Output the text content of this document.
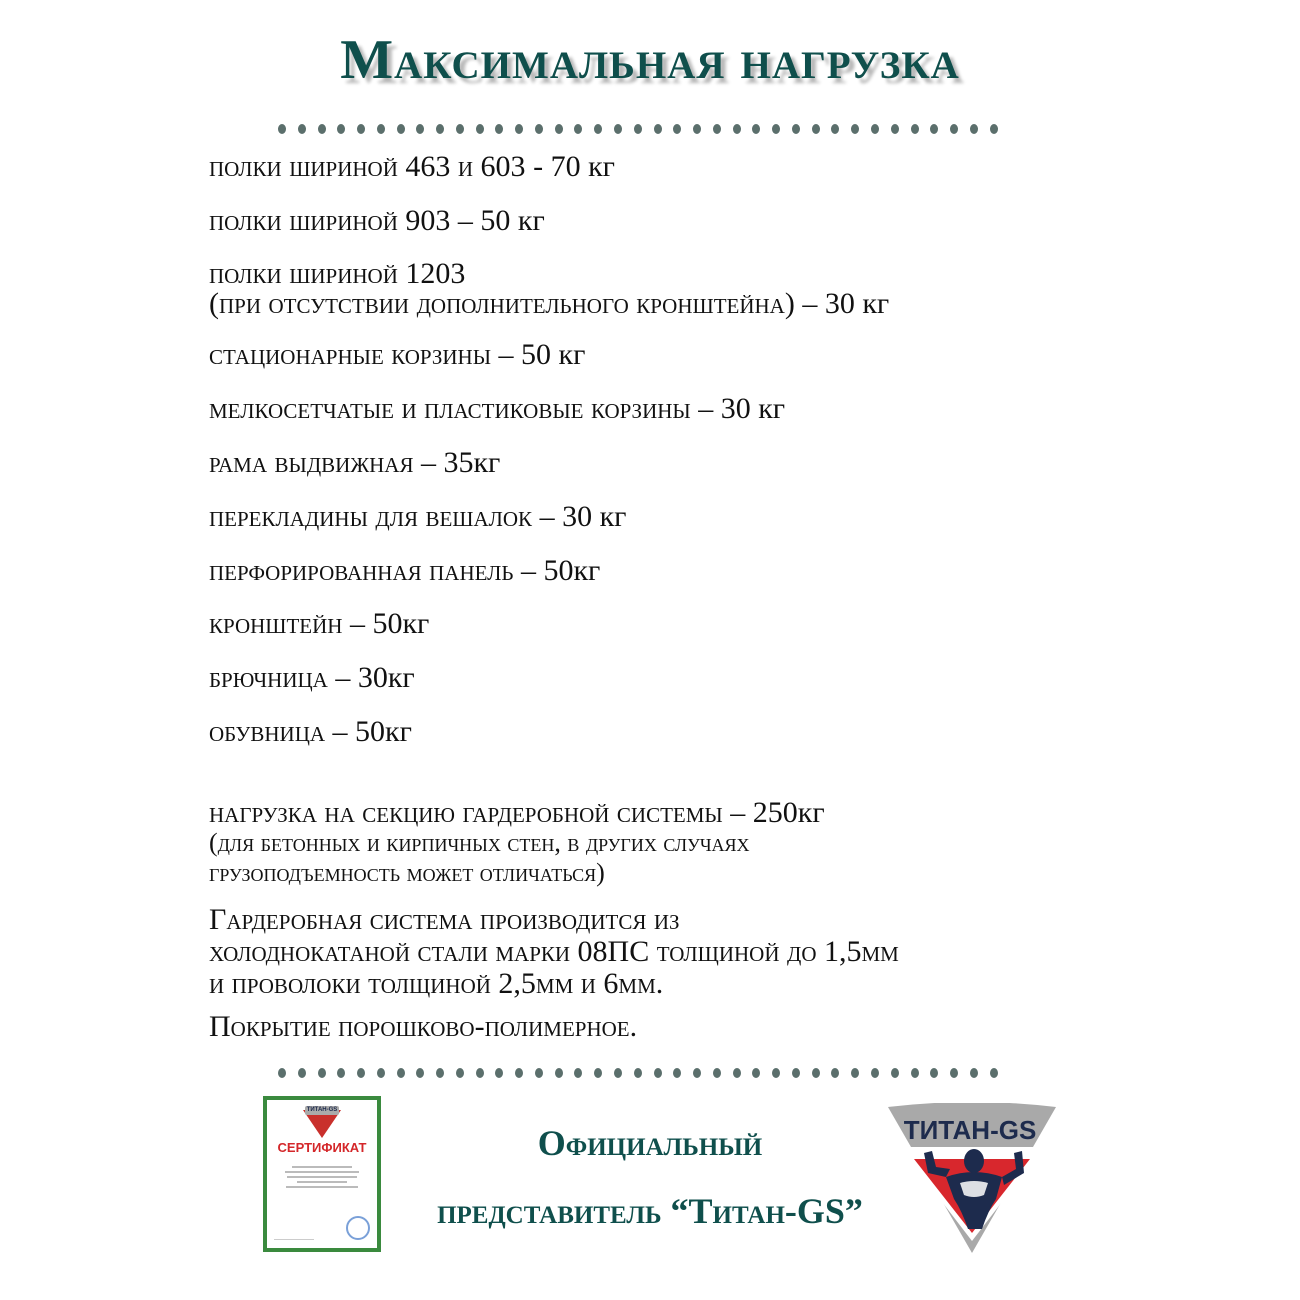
Максимальная нагрузка
полки шириной 463 и 603 - 70 кг
полки шириной 903 – 50 кг
полки шириной 1203
(при отсутствии дополнительного кронштейна) – 30 кг
стационарные корзины – 50 кг
мелкосетчатые и пластиковые корзины – 30 кг
рама выдвижная – 35кг
перекладины для вешалок – 30 кг
перфорированная панель – 50кг
кронштейн – 50кг
брючница – 30кг
обувница – 50кг
нагрузка на секцию гардеробной системы – 250кг
(для бетонных и кирпичных стен, в других случаях
грузоподъемность может отличаться)
Гардеробная система производится из
холоднокатаной стали марки 08ПС толщиной до 1,5мм
и проволоки толщиной 2,5мм и 6мм.
Покрытие порошково-полимерное.
ТИТАН-GS
СЕРТИФИКАТ	Официальный
представитель “Титан-GS”
ТИТАН-GS
